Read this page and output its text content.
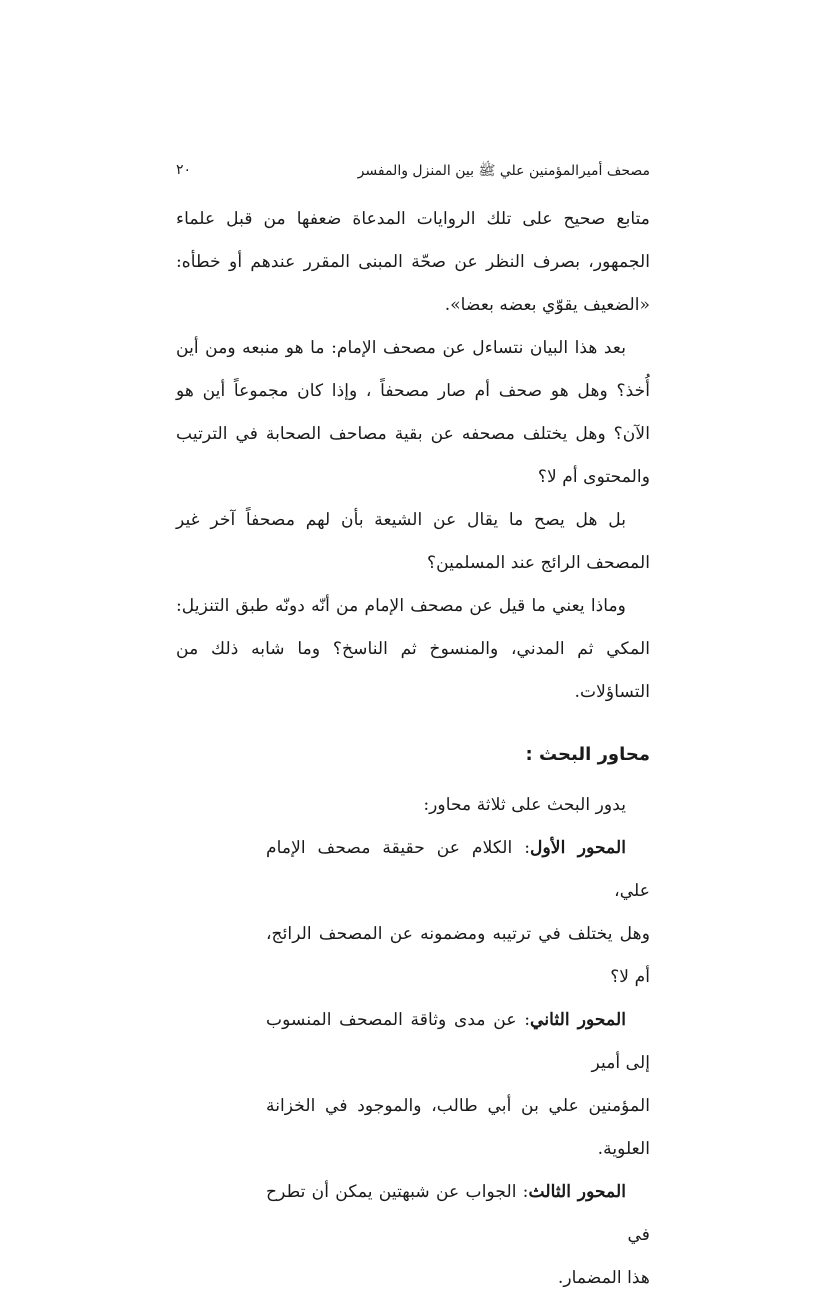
مصحف أميرالمؤمنين علي ﷺ بين المنزل والمفسر
٢٠

متابع صحيح على تلك الروايات المدعاة ضعفها من قبل علماء الجمهور، بصرف النظر عن صحّة المبنى المقرر عندهم أو خطأه: «الضعيف يقوّي بعضه بعضا».

بعد هذا البيان نتساءل عن مصحف الإمام: ما هو منبعه ومن أين أُخذ؟ وهل هو صحف أم صار مصحفاً ، وإذا كان مجموعاً أين هو الآن؟ وهل يختلف مصحفه عن بقية مصاحف الصحابة في الترتيب والمحتوى أم لا؟

بل هل يصح ما يقال عن الشيعة بأن لهم مصحفاً آخر غير المصحف الرائج عند المسلمين؟

وماذا يعني ما قيل عن مصحف الإمام من أنّه دونّه طبق التنزيل: المكي ثم المدني، والمنسوخ ثم الناسخ؟ وما شابه ذلك من التساؤلات.

محاور البحث :

يدور البحث على ثلاثة محاور:

المحور الأول: الكلام عن حقيقة مصحف الإمام علي،

وهل يختلف في ترتيبه ومضمونه عن المصحف الرائج، أم لا؟

المحور الثاني: عن مدى وثاقة المصحف المنسوب إلى أمير

المؤمنين علي بن أبي طالب، والموجود في الخزانة العلوية.

المحور الثالث: الجواب عن شبهتين يمكن أن تطرح في

هذا المضمار.
